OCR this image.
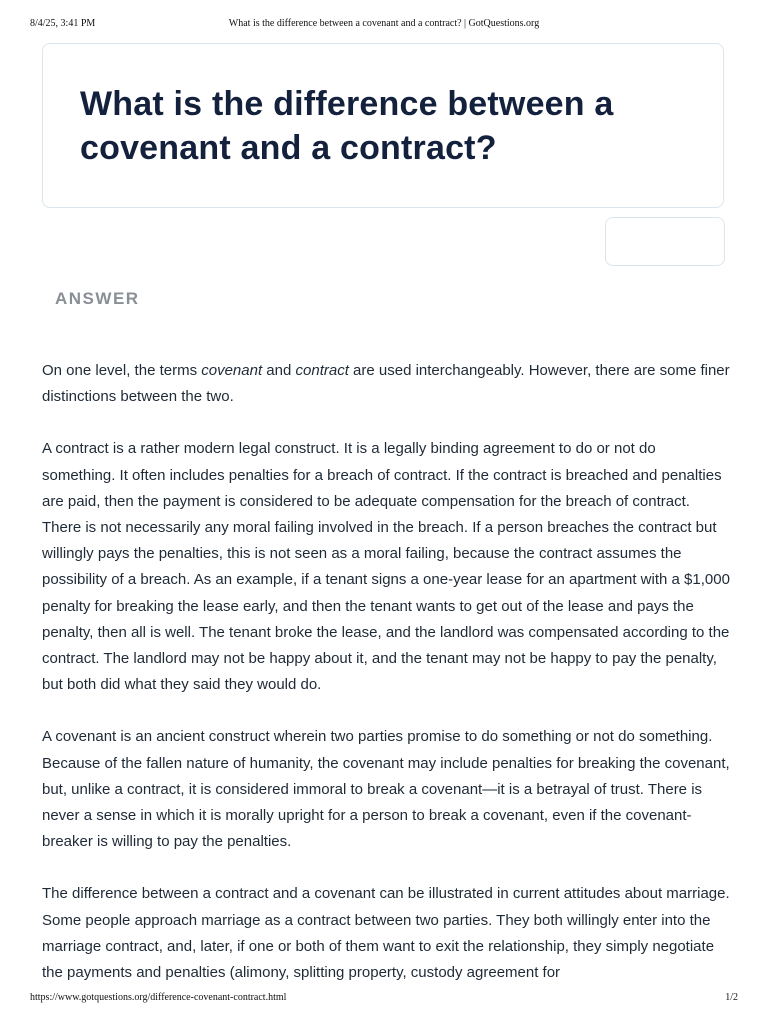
8/4/25, 3:41 PM	What is the difference between a covenant and a contract? | GotQuestions.org
What is the difference between a covenant and a contract?
ANSWER

On one level, the terms covenant and contract are used interchangeably. However, there are some finer distinctions between the two.

A contract is a rather modern legal construct. It is a legally binding agreement to do or not do something. It often includes penalties for a breach of contract. If the contract is breached and penalties are paid, then the payment is considered to be adequate compensation for the breach of contract. There is not necessarily any moral failing involved in the breach. If a person breaches the contract but willingly pays the penalties, this is not seen as a moral failing, because the contract assumes the possibility of a breach. As an example, if a tenant signs a one-year lease for an apartment with a $1,000 penalty for breaking the lease early, and then the tenant wants to get out of the lease and pays the penalty, then all is well. The tenant broke the lease, and the landlord was compensated according to the contract. The landlord may not be happy about it, and the tenant may not be happy to pay the penalty, but both did what they said they would do.

A covenant is an ancient construct wherein two parties promise to do something or not do something. Because of the fallen nature of humanity, the covenant may include penalties for breaking the covenant, but, unlike a contract, it is considered immoral to break a covenant—it is a betrayal of trust. There is never a sense in which it is morally upright for a person to break a covenant, even if the covenant-breaker is willing to pay the penalties.

The difference between a contract and a covenant can be illustrated in current attitudes about marriage. Some people approach marriage as a contract between two parties. They both willingly enter into the marriage contract, and, later, if one or both of them want to exit the relationship, they simply negotiate the payments and penalties (alimony, splitting property, custody agreement for

https://www.gotquestions.org/difference-covenant-contract.html	1/2
